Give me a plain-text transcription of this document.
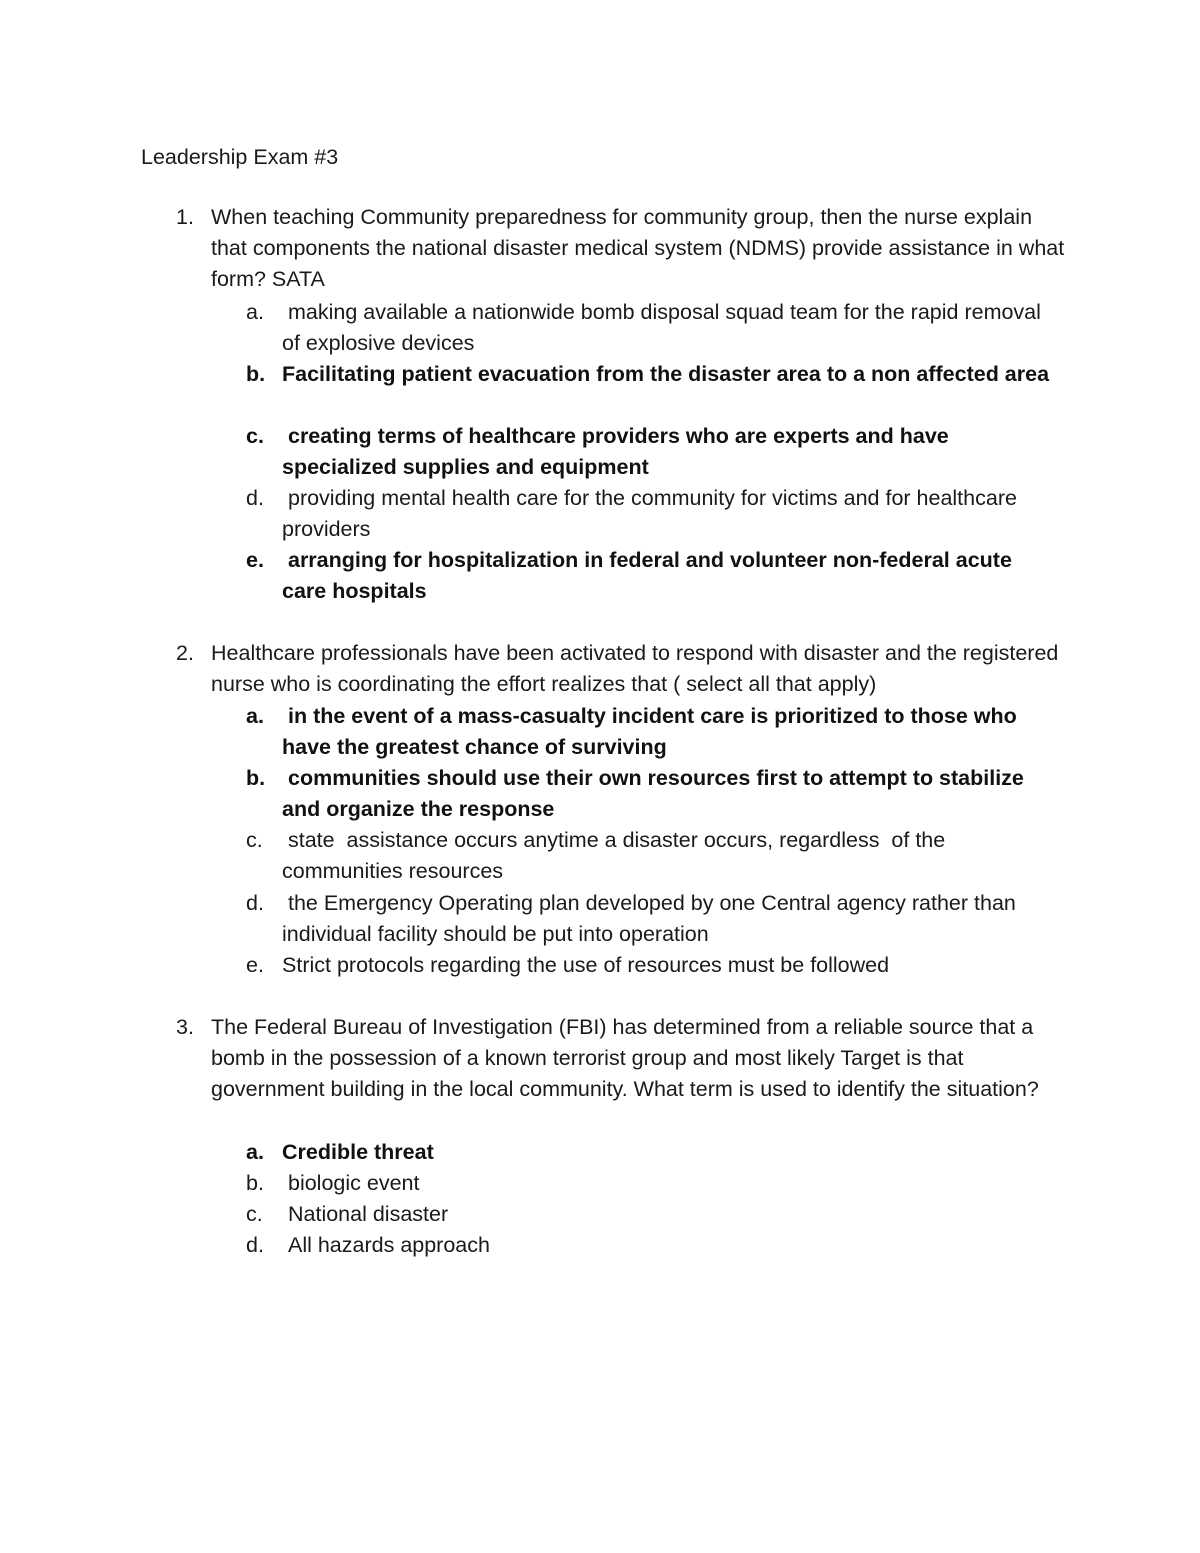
Leadership Exam #3
1. When teaching Community preparedness for community group, then the nurse explain that components the national disaster medical system (NDMS) provide assistance in what form? SATA
a. making available a nationwide bomb disposal squad team for the rapid removal of explosive devices
b. Facilitating patient evacuation from the disaster area to a non affected area
c. creating terms of healthcare providers who are experts and have specialized supplies and equipment
d. providing mental health care for the community for victims and for healthcare providers
e. arranging for hospitalization in federal and volunteer non-federal acute care hospitals
2. Healthcare professionals have been activated to respond with disaster and the registered nurse who is coordinating the effort realizes that ( select all that apply)
a. in the event of a mass-casualty incident care is prioritized to those who have the greatest chance of surviving
b. communities should use their own resources first to attempt to stabilize and organize the response
c. state  assistance occurs anytime a disaster occurs, regardless  of the communities resources
d. the Emergency Operating plan developed by one Central agency rather than individual facility should be put into operation
e. Strict protocols regarding the use of resources must be followed
3. The Federal Bureau of Investigation (FBI) has determined from a reliable source that a bomb in the possession of a known terrorist group and most likely Target is that government building in the local community. What term is used to identify the situation?
a. Credible threat
b. biologic event
c. National disaster
d. All hazards approach
